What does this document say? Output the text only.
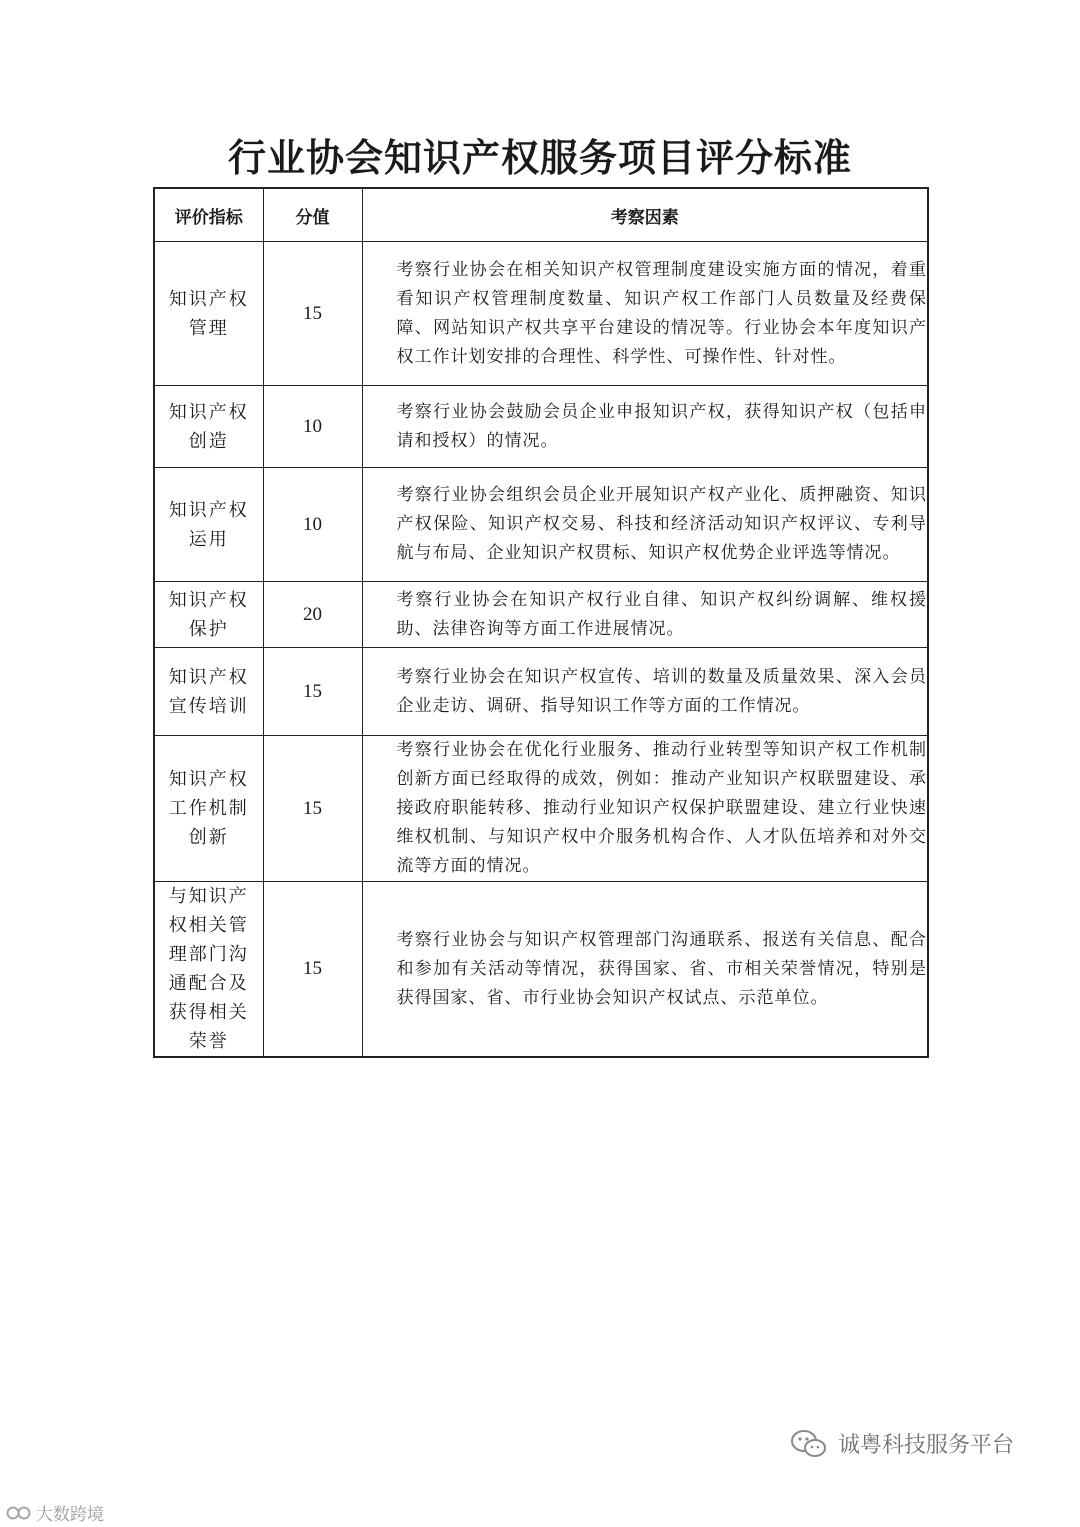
行业协会知识产权服务项目评分标准
评价指标	分值	考察因素
知识产权管理	15	考察行业协会在相关知识产权管理制度建设实施方面的情况，着重看知识产权管理制度数量、知识产权工作部门人员数量及经费保障、网站知识产权共享平台建设的情况等。行业协会本年度知识产权工作计划安排的合理性、科学性、可操作性、针对性。

知识产权创造	10	考察行业协会鼓励会员企业申报知识产权，获得知识产权（包括申请和授权）的情况。

知识产权运用	10	考察行业协会组织会员企业开展知识产权产业化、质押融资、知识产权保险、知识产权交易、科技和经济活动知识产权评议、专利导航与布局、企业知识产权贯标、知识产权优势企业评选等情况。

知识产权保护	20	考察行业协会在知识产权行业自律、知识产权纠纷调解、维权援助、法律咨询等方面工作进展情况。

知识产权宣传培训	15	考察行业协会在知识产权宣传、培训的数量及质量效果、深入会员企业走访、调研、指导知识工作等方面的工作情况。

知识产权工作机制创新	15	考察行业协会在优化行业服务、推动行业转型等知识产权工作机制创新方面已经取得的成效，例如：推动产业知识产权联盟建设、承接政府职能转移、推动行业知识产权保护联盟建设、建立行业快速维权机制、与知识产权中介服务机构合作、人才队伍培养和对外交流等方面的情况。

与知识产权相关管理部门沟通配合及获得相关荣誉	15	考察行业协会与知识产权管理部门沟通联系、报送有关信息、配合和参加有关活动等情况，获得国家、省、市相关荣誉情况，特别是获得国家、省、市行业协会知识产权试点、示范单位。
诚粤科技服务平台
大数跨境
